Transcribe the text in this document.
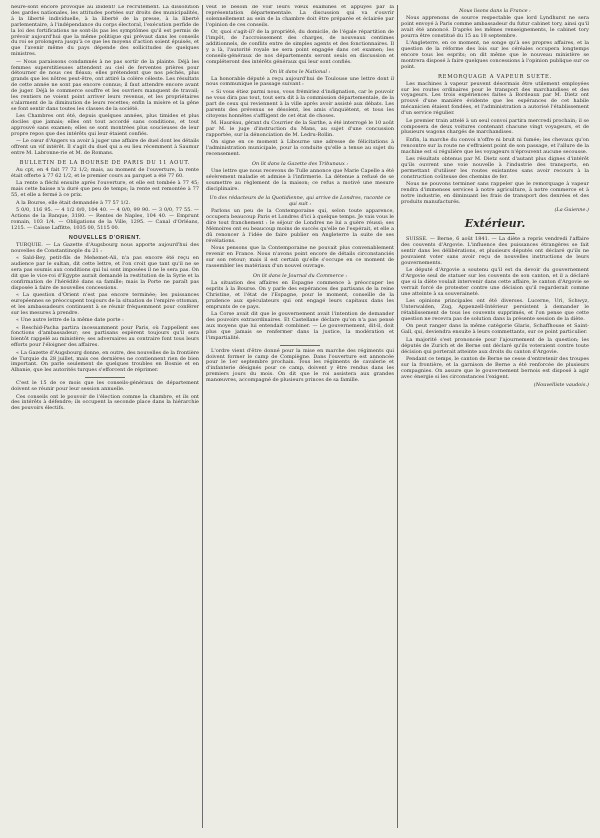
heure-sont encore provoqué au ibident! Le recrutement. La dissolution des gardes nationales, les attitudes portées sur droits des municipalités, à la liberté individuelle, à la liberté de la presse, à la liberté parlementaire, à l'indépendance du corps électoral, l'exécution perfide de la loi des fortifications ne sont-ils pas les symptômes qu'il est permis de prévoir aujourd'hui que la même politique qui prévaut dans les conseils du roi se prolongera jusqu'à ce que les moyens d'action soient épuisés, et que l'avenir même du pays dépende des sollicitudes de quelques ministres.

— Nous paraissons condamnés à ne pas sortir de la plainte. Déjà les femmes superstitieuses attendent au ciel de ferventes prières pour détourner de nous ces fléaux; elles prétendent que nos péchés, plus grands que les nôtres peut-être, ont attiré la colère céleste. Les résultats de cette année ne sont pas encore connus; il faut attendre encore avant de juger. Déjà le commerce souffre et les ouvriers manquent de travail; les rentiers ne voient point arriver leurs revenus, et les propriétaires s'alarment de la diminution de leurs recettes; enfin la misère et la gêne se font sentir dans toutes les classes de la société.

Les Chambres ont été, depuis quelques années, plus timides et plus dociles que jamais; elles ont tout accordé sans conditions, et tout approuvé sans examen; elles se sont montrées plus soucieuses de leur propre repos que des intérêts qui leur étaient confiés.

— Le cœur d'Angers va avoir à juger une affaire de duel dont les détails offrent un vif intérêt. Il s'agit du duel qui a eu lieu récemment à Saumur entre M. Labronne-rie et M. de Romans.

BULLETIN DE LA BOURSE DE PARIS DU 11 AOUT.

Au cpt, en 4 fait 77 72 1/2; mais, au moment de l'ouverture, la rente était offerte à 77 62 1/2, et le premier cours au parquet a été 77 60.

La rente a fléchi ensuite après l'ouverture, et elle est tombée à 77 45; mais cette baisse n'a duré que peu de temps; la rente est remontée à 77 55, et elle a fermé à ce prix.

A la Bourse, elle était demandée à 77 57 1/2.

5 0/0, 116 95. — 4 1/2 0/0, 104 40. — 4 0/0, 99 90. — 3 0/0, 77 55. — Actions de la Banque, 3180. — Rentes de Naples, 104 40. — Emprunt romain, 103 1/4. — Obligations de la Ville, 1295. — Canal d'Orléans, 1215. — Caisse Laffitte, 1035 00, 5115 00.

NOUVELLES D'ORIENT.

TURQUIE. — La Gazette d'Augsbourg nous apporte aujourd'hui des nouvelles de Constantinople du 21 :

« Sald-Bey, petit-fils de Mehemet-Ali, n'a pas encore été reçu en audience par le sultan, dit cette lettre, et l'on croit que tant qu'il ne se sera pas soumis aux conditions qui lui sont imposées il ne le sera pas. On dit que le vice-roi d'Egypte aurait demandé la restitution de la Syrie et la confirmation de l'hérédité dans sa famille; mais la Porte ne paraît pas disposée à faire de nouvelles concessions.

« La question d'Orient n'est pas encore terminée; les puissances européennes se préoccupent toujours de la situation de l'empire ottoman, et les ambassadeurs continuent à se réunir fréquemment pour conférer sur les mesures à prendre.

« Une autre lettre de la même date porte :

« Reschid-Pacha partira incessamment pour Paris, où l'appellent ses fonctions d'ambassadeur; ses partisans espèrent toujours qu'il sera bientôt rappelé au ministère; ses adversaires au contraire font tous leurs efforts pour l'éloigner des affaires.

« La Gazette d'Augsbourg donne, en outre, des nouvelles de la frontière de Turquie du 28 juillet, mais ces dernières ne contiennent rien de bien important. On parle seulement de quelques troubles en Bosnie et en Albanie, que les autorités turques s'efforcent de réprimer.

C'est le 15 de ce mois que les conseils-généraux de département doivent se réunir pour leur session annuelle.

Ces conseils ont le pouvoir de l'élection comme la chambre, et ils ont des intérêts à défendre; ils occupent la seconde place dans la hiérarchie des pouvoirs électifs.

veut le besoin de voir leurs vœux examinés et appuyés par la représentation départementale. La discussion qui va s'ouvrir solennellement au sein de la chambre doit être préparée et éclairée par l'opinion de ces conseils.

Or, quoi s'agit-il? de la propriété, du domicile, de l'égale répartition de l'impôt, de l'accroissement des charges, de nouveaux centimes additionnels, de conflits entre de simples agents et des fonctionnaires. Il y a là, l'autorité royale ne sera point engagée dans cet examen; les conseils-généraux de nos départements seront seuls en discussion et compléteront des intérêts généraux qui leur sont confiés.

On lit dans le National :

La honorable député a reçu aujourd'hui de Toulouse une lettre dont il nous communique le passage suivant :

« Si vous étiez parmi nous, vous frémiriez d'indignation, car le pouvoir ne vous dira pas tout, tout sera dit à la commission départementale, de la part de ceux qui reviennent à la ville après avoir assisté aux débats. Les parents des prévenus se désolent, les amis s'inquiètent, et tous les citoyens honnêtes s'affligent de cet état de choses.

M. Hauréau, gérant du Courrier de la Sarthe, a été interrogé le 10 août par M. le juge d'instruction du Mans, au sujet d'une concussion rapportée, sur la dénonciation de M. Ledru-Rollin.

On signe en ce moment à Libourne une adresse de félicitations à l'administration municipale, pour la conduite qu'elle a tenue au sujet du recensement.

On lit dans la Gazette des Tribunaux :

Une lettre que nous recevons de Tulle annonce que Marie Capelle a été sévèrement maladie et admise à l'infirmerie. La détenue a refusé de se soumettre au règlement de la maison; ce refus a motivé une mesure disciplinaire.

Un des rédacteurs de la Quotidienne, qui arrive de Londres, raconte ce qui suit :

Parlons un peu de la Contemporaine qui, selon toute apparence, occupera beaucoup Paris et Londres d'ici à quelque temps. Je vais vous le dire tout franchement : le séjour de Londres ne lui a guère réussi; ses Mémoires ont eu beaucoup moins de succès qu'elle ne l'espérait, et elle a dû renoncer à l'idée de faire publier en Angleterre la suite de ses révélations.

Nous pensons que la Contemporaine ne pouvait plus convenablement revenir en France. Nous n'avons point encore de détails circonstanciés sur son retour; mais il est certain qu'elle s'occupe en ce moment de rassembler les matériaux d'un nouvel ouvrage.

On lit dans le Journal du Commerce :

La situation des affaires en Espagne commence à préoccuper les esprits à la Bourse. On y parle des espérances des partisans de la reine Christine, et l'état de l'Espagne, pour le moment, conseille de la prudence aux spéculateurs qui ont engagé leurs capitaux dans les emprunts de ce pays.

La Corse avait dit que le gouvernement avait l'intention de demander des pouvoirs extraordinaires. Et Castellane déclare qu'on n'a pas pensé aux moyens que lui entendait combiner. — Le gouvernement, dit-il, doit plus que jamais se renfermer dans la justice, la modération et l'impartialité.

L'ordre vient d'être donné pour la mise en marche des régiments qui doivent former le camp de Compiègne. Dans l'ouverture est annoncée pour le 1er septembre prochain. Tous les régiments de cavalerie et d'infanterie désignés pour ce camp, doivent y être rendus dans les premiers jours du mois. On dit que le roi assistera aux grandes manœuvres, accompagné de plusieurs princes de sa famille.

Nous lisons dans la France :

Nous apprenons de source respectable que lord Lyndhurst ne sera point envoyé à Paris comme ambassadeur du futur cabinet tory, ainsi qu'il avait été annoncé. D'après les mêmes renseignements, le cabinet tory pourra être constitué du 15 au 18 septembre.

L'Angleterre, en ce moment, ne songe qu'à ses propres affaires, et la question de la réforme des lois sur les céréales occupera longtemps encore tous les esprits; on dit même que le nouveau ministère se montrera disposé à faire quelques concessions à l'opinion publique sur ce point.

REMORQUAGE A VAPEUR SUETE.

Les machines à vapeur peuvent désormais être utilement employées sur les routes ordinaires pour le transport des marchandises et des voyageurs. Les trois expériences faites à Bordeaux par M. Dietz ont prouvé d'une manière évidente que les espérances de cet habile mécanicien étaient fondées, et l'administration a autorisé l'établissement d'un service régulier.

Le premier train attelé à un seul convoi partira mercredi prochain; il se composera de deux voitures contenant chacune vingt voyageurs, et de plusieurs wagons chargés de marchandises.

Enfin, la marche du convoi n'offre ni bruit ni fumée; les chevaux qu'on rencontre sur la route ne s'effraient point de son passage, et l'allure de la machine est si régulière que les voyageurs n'éprouvent aucune secousse.

Les résultats obtenus par M. Dietz sont d'autant plus dignes d'intérêt qu'ils ouvrent une voie nouvelle à l'industrie des transports, en permettant d'utiliser les routes existantes sans avoir recours à la construction coûteuse des chemins de fer.

Nous ne pouvons terminer sans rappeler que le remorquage à vapeur rendra d'immenses services à notre agriculture, à notre commerce et à notre industrie, en diminuant les frais de transport des denrées et des produits manufacturés.

(La Guienne.)
Extérieur.

SUISSE. — Berne, 6 août 1841. — La diète a repris vendredi l'affaire des couvents d'Argovie. L'influence des puissances étrangères se fait sentir dans les délibérations, et plusieurs députés ont déclaré qu'ils ne pouvaient voter sans avoir reçu de nouvelles instructions de leurs gouvernements.

Le député d'Argovie a soutenu qu'il est du devoir du gouvernement d'Argovie seul de statuer sur les couvents de son canton, et il a déclaré que si la diète voulait intervenir dans cette affaire, le canton d'Argovie se verrait forcé de protester contre une décision qu'il regarderait comme une atteinte à sa souveraineté.

Les opinions principales ont été diverses. Lucerne, Uri, Schwyz, Unterwalden, Zug, Appenzell-Intérieur persistent à demander le rétablissement de tous les couvents supprimés, et l'on pense que cette question ne recevra pas de solution dans la présente session de la diète.

On peut ranger dans la même catégorie Glaris, Schaffhouse et Saint-Gall, qui, deviendra ensuite à leurs commettants, sur ce point particulier.

La majorité s'est prononcée pour l'ajournement de la question; les députés de Zurich et de Berne ont déclaré qu'ils voteraient contre toute décision qui porterait atteinte aux droits du canton d'Argovie.

Pendant ce temps, le canton de Berne ne cesse d'entretenir des troupes sur la frontière, et la garnison de Berne a été renforcée de plusieurs compagnies. On assure que le gouvernement bernois est disposé à agir avec énergie si les circonstances l'exigent.

(Nouvelliste vaudois.)
